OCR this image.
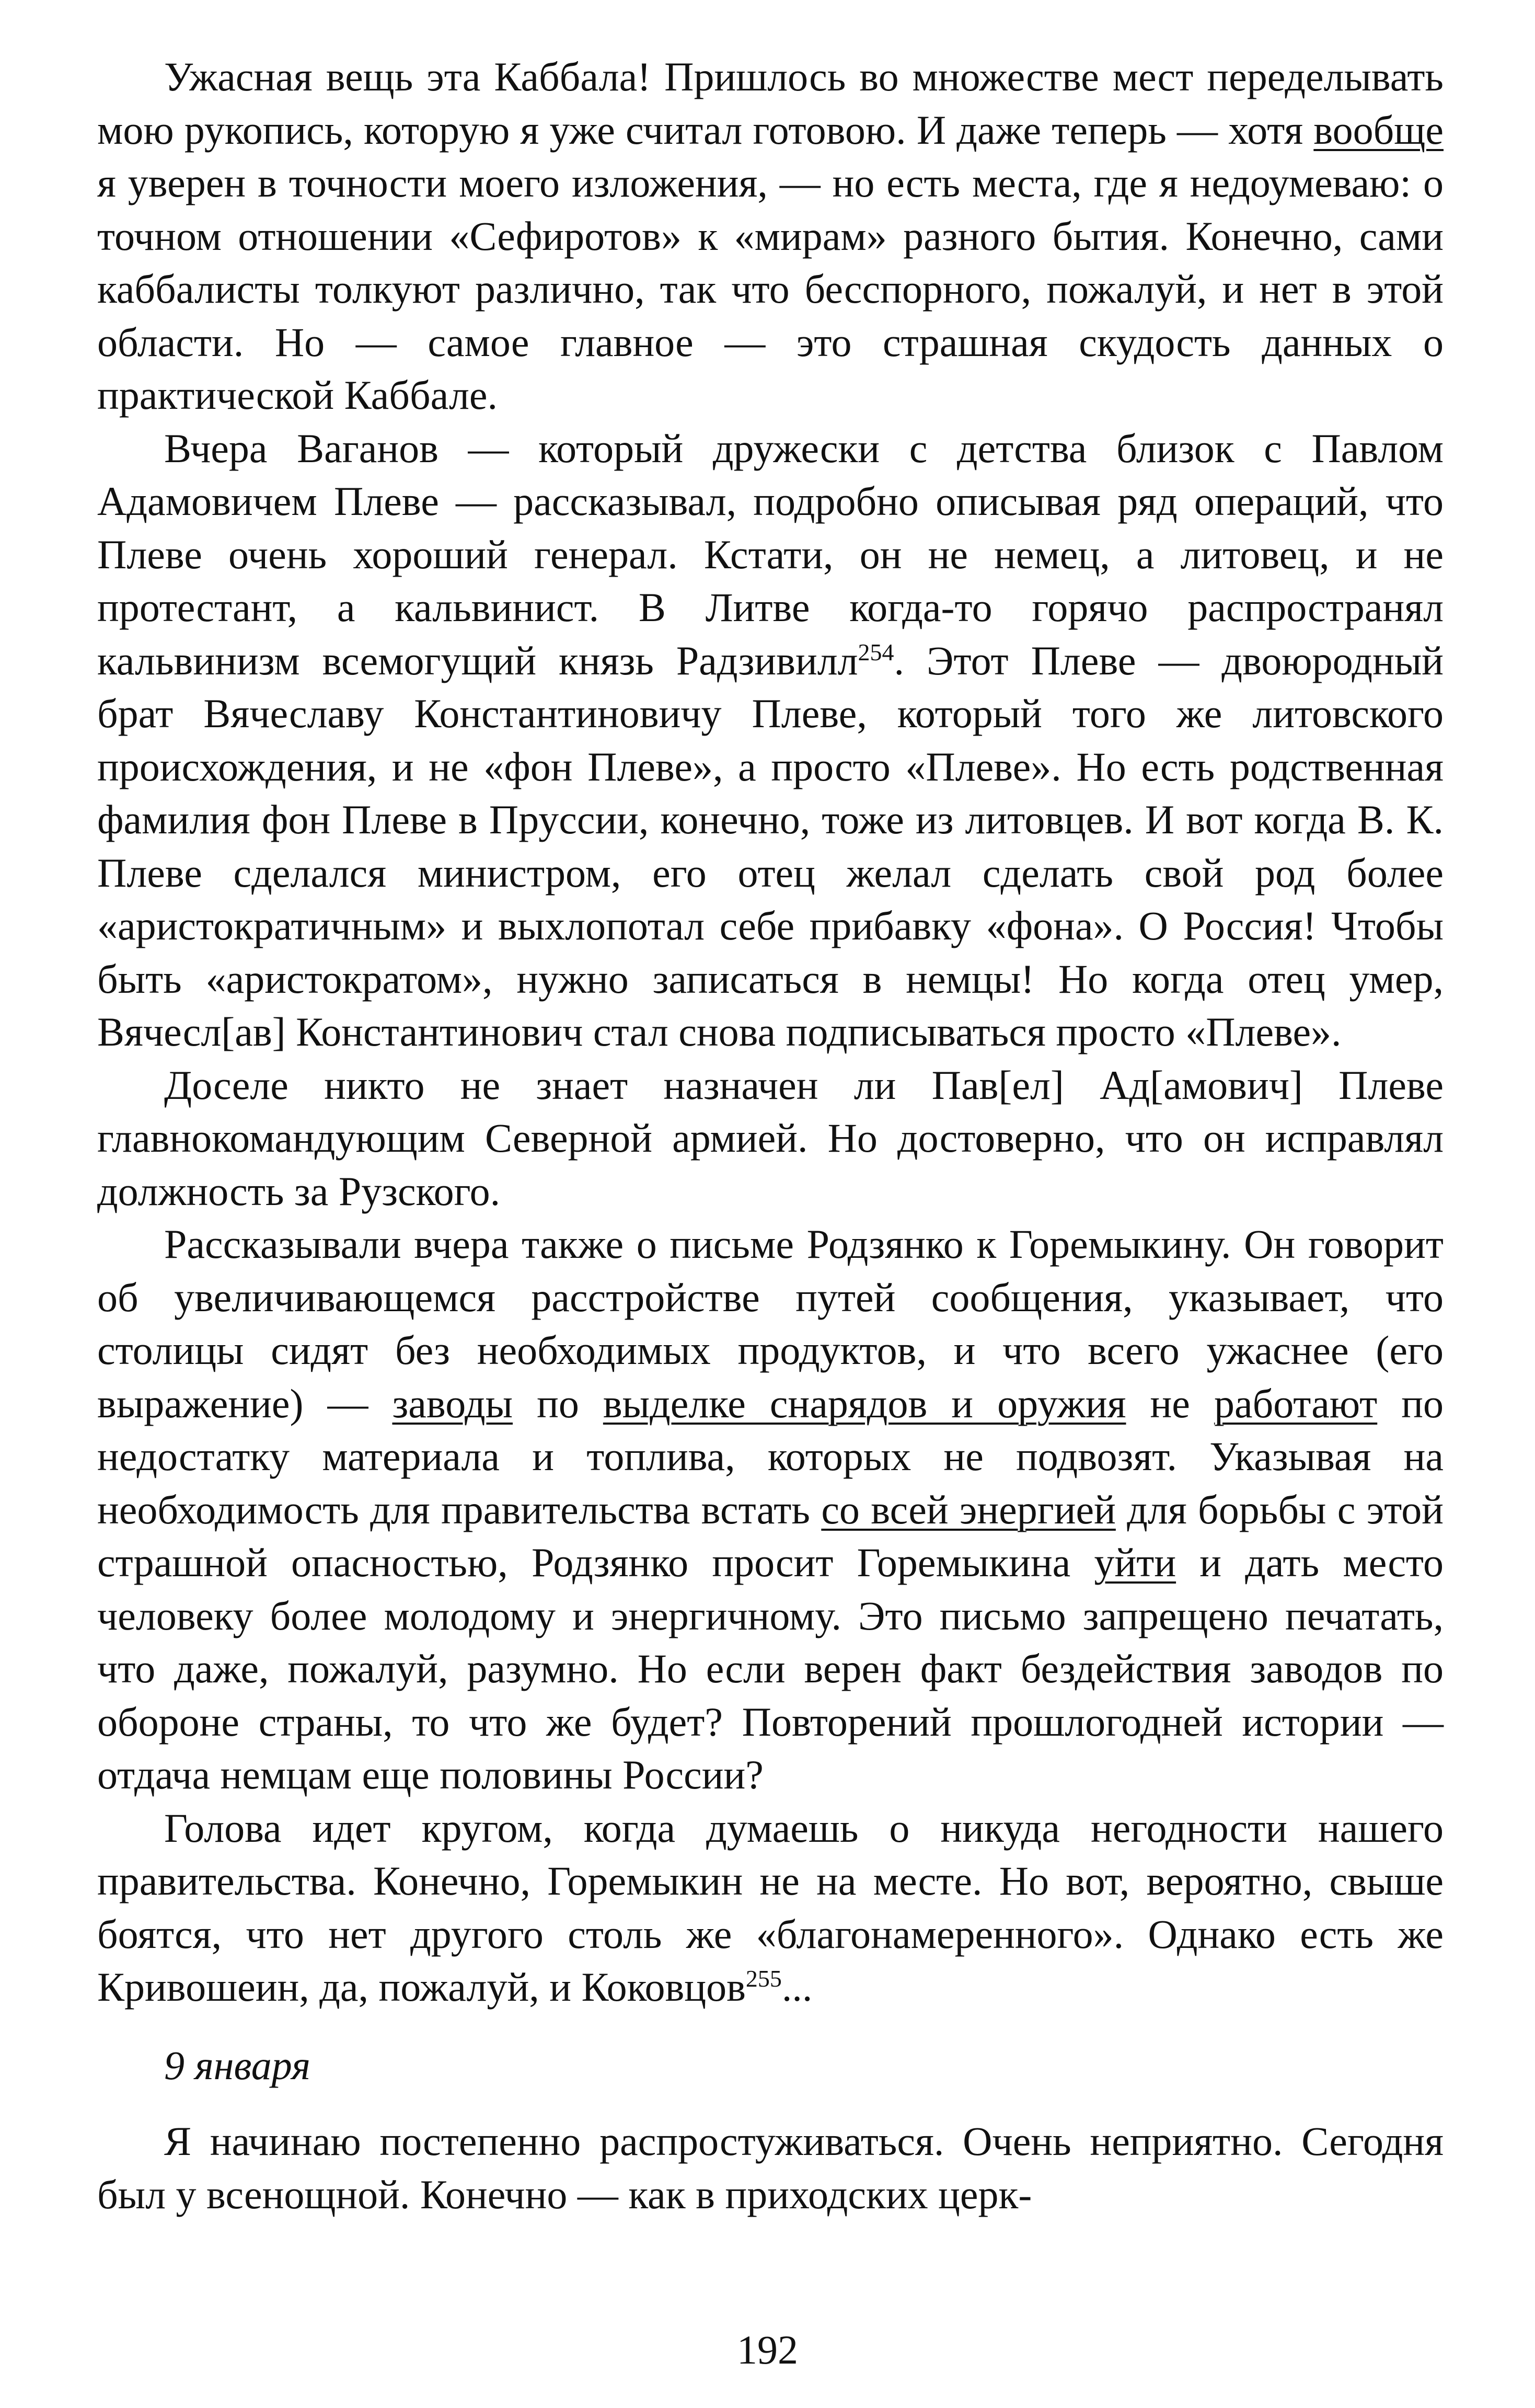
Ужасная вещь эта Каббала! Пришлось во множестве мест переделывать мою рукопись, которую я уже считал готовою. И даже теперь — хотя вообще я уверен в точности моего изложения, — но есть места, где я недоумеваю: о точном отношении «Сефиротов» к «мирам» разного бытия. Конечно, сами каббалисты толкуют различно, так что бесспорного, пожалуй, и нет в этой области. Но — самое главное — это страшная скудость данных о практической Каббале.

Вчера Ваганов — который дружески с детства близок с Павлом Адамовичем Плеве — рассказывал, подробно описывая ряд операций, что Плеве очень хороший генерал. Кстати, он не немец, а литовец, и не протестант, а кальвинист. В Литве когда-то горячо распространял кальвинизм всемогущий князь Радзивилл$^{254}$. Этот Плеве — двоюродный брат Вячеславу Константиновичу Плеве, который того же литовского происхождения, и не «фон Плеве», а просто «Плеве». Но есть родственная фамилия фон Плеве в Пруссии, конечно, тоже из литовцев. И вот когда В. К. Плеве сделался министром, его отец желал сделать свой род более «аристократичным» и выхлопотал себе прибавку «фона». О Россия! Чтобы быть «аристократом», нужно записаться в немцы! Но когда отец умер, Вячесл[ав] Константинович стал снова подписываться просто «Плеве».

Доселе никто не знает назначен ли Пав[ел] Ад[амович] Плеве главнокомандующим Северной армией. Но достоверно, что он исправлял должность за Рузского.

Рассказывали вчера также о письме Родзянко к Горемыкину. Он говорит об увеличивающемся расстройстве путей сообщения, указывает, что столицы сидят без необходимых продуктов, и что всего ужаснее (его выражение) — заводы по выделке снарядов и оружия не работают по недостатку материала и топлива, которых не подвозят. Указывая на необходимость для правительства встать со всей энергией для борьбы с этой страшной опасностью, Родзянко просит Горемыкина уйти и дать место человеку более молодому и энергичному. Это письмо запрещено печатать, что даже, пожалуй, разумно. Но если верен факт бездействия заводов по обороне страны, то что же будет? Повторений прошлогодней истории — отдача немцам еще половины России?

Голова идет кругом, когда думаешь о никуда негодности нашего правительства. Конечно, Горемыкин не на месте. Но вот, вероятно, свыше боятся, что нет другого столь же «благонамеренного». Однако есть же Кривошеин, да, пожалуй, и Коковцов$^{255}$...

9 января

Я начинаю постепенно распростуживаться. Очень неприятно. Сегодня был у всенощной. Конечно — как в приходских церк-

192
